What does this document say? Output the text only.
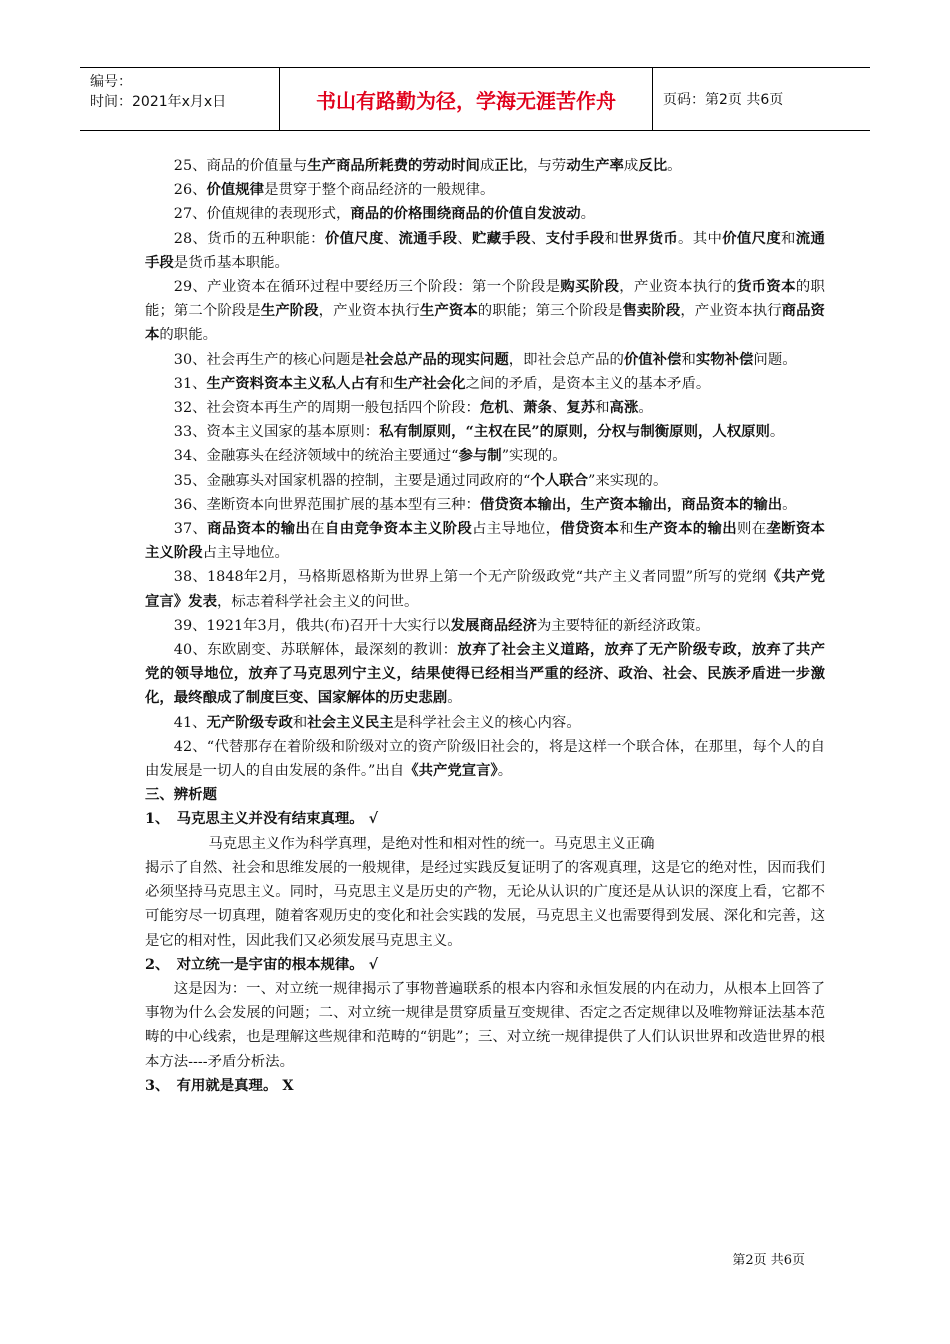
编号：
时间：2021年x月x日	书山有路勤为径，学海无涯苦作舟	页码：第2页 共6页

25、商品的价值量与生产商品所耗费的劳动时间成正比，与劳动生产率成反比。

26、价值规律是贯穿于整个商品经济的一般规律。

27、价值规律的表现形式，商品的价格围绕商品的价值自发波动。

28、货币的五种职能：价值尺度、流通手段、贮藏手段、支付手段和世界货币。其中价值尺度和流通手段是货币基本职能。

29、产业资本在循环过程中要经历三个阶段：第一个阶段是购买阶段，产业资本执行的货币资本的职能；第二个阶段是生产阶段，产业资本执行生产资本的职能；第三个阶段是售卖阶段，产业资本执行商品资本的职能。

30、社会再生产的核心问题是社会总产品的现实问题，即社会总产品的价值补偿和实物补偿问题。

31、生产资料资本主义私人占有和生产社会化之间的矛盾，是资本主义的基本矛盾。

32、社会资本再生产的周期一般包括四个阶段：危机、萧条、复苏和高涨。

33、资本主义国家的基本原则：私有制原则，“主权在民”的原则，分权与制衡原则，人权原则。

34、金融寡头在经济领域中的统治主要通过“参与制”实现的。

35、金融寡头对国家机器的控制，主要是通过同政府的“个人联合”来实现的。

36、垄断资本向世界范围扩展的基本型有三种：借贷资本输出，生产资本输出，商品资本的输出。

37、商品资本的输出在自由竞争资本主义阶段占主导地位，借贷资本和生产资本的输出则在垄断资本主义阶段占主导地位。

38、1848年2月，马格斯恩格斯为世界上第一个无产阶级政党“共产主义者同盟”所写的党纲《共产党宣言》发表，标志着科学社会主义的问世。

39、1921年3月，俄共(布)召开十大实行以发展商品经济为主要特征的新经济政策。

40、东欧剧变、苏联解体，最深刻的教训：放弃了社会主义道路，放弃了无产阶级专政，放弃了共产党的领导地位，放弃了马克思列宁主义，结果使得已经相当严重的经济、政治、社会、民族矛盾进一步激化，最终酿成了制度巨变、国家解体的历史悲剧。

41、无产阶级专政和社会主义民主是科学社会主义的核心内容。

42、“代替那存在着阶级和阶级对立的资产阶级旧社会的，将是这样一个联合体，在那里，每个人的自由发展是一切人的自由发展的条件。”出自《共产党宣言》。

三、辨析题

1、　马克思主义并没有结束真理。 √

马克思主义作为科学真理，是绝对性和相对性的统一。马克思主义正确
揭示了自然、社会和思维发展的一般规律，是经过实践反复证明了的客观真理，这是它的绝对性，因而我们必须坚持马克思主义。同时，马克思主义是历史的产物，无论从认识的广度还是从认识的深度上看，它都不可能穷尽一切真理，随着客观历史的变化和社会实践的发展，马克思主义也需要得到发展、深化和完善，这是它的相对性，因此我们又必须发展马克思主义。

2、　对立统一是宇宙的根本规律。 √

这是因为：一、对立统一规律揭示了事物普遍联系的根本内容和永恒发展的内在动力，从根本上回答了事物为什么会发展的问题；二、对立统一规律是贯穿质量互变规律、否定之否定规律以及唯物辩证法基本范畴的中心线索，也是理解这些规律和范畴的“钥匙”；三、对立统一规律提供了人们认识世界和改造世界的根本方法----矛盾分析法。

3、　有用就是真理。 X

第2页 共6页
